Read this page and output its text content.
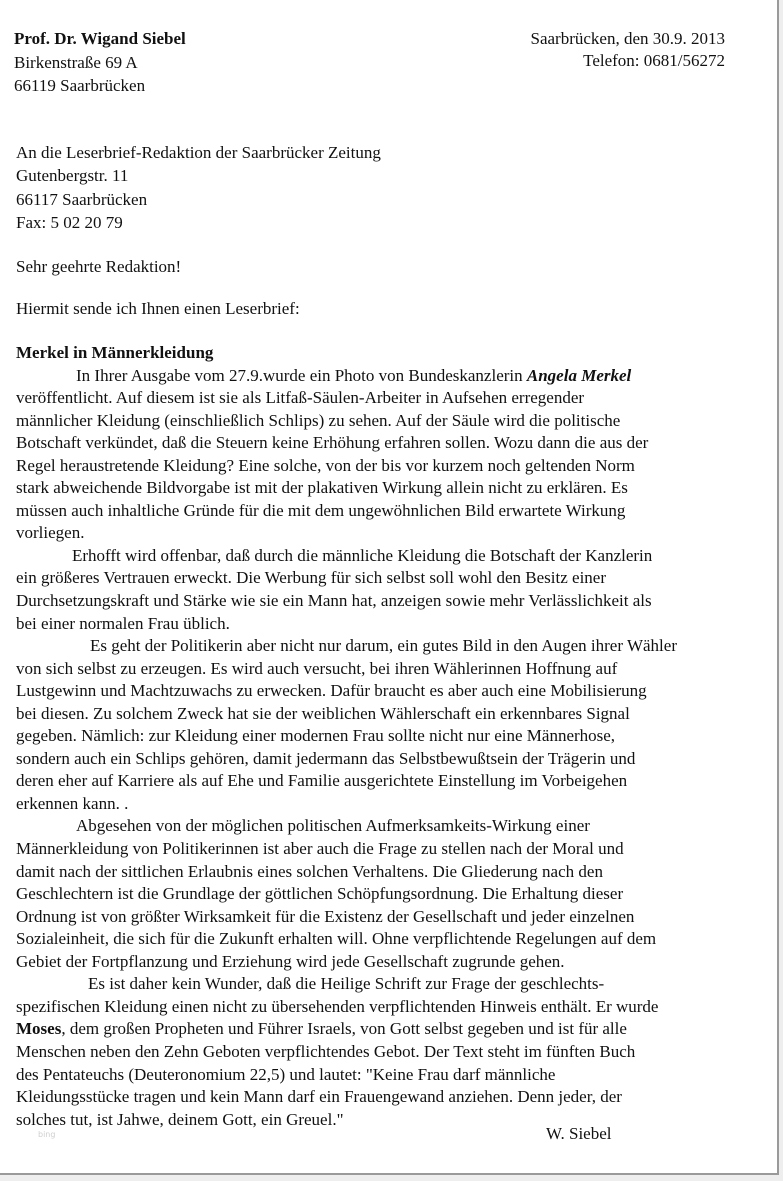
Prof. Dr. Wigand Siebel
Birkenstraße 69 A
66119 Saarbrücken
Saarbrücken, den 30.9. 2013
Telefon: 0681/56272
An die Leserbrief-Redaktion der Saarbrücker Zeitung
Gutenbergstr. 11
66117 Saarbrücken
Fax: 5 02 20 79
Sehr geehrte Redaktion!
Hiermit sende ich Ihnen einen Leserbrief:
Merkel in Männerkleidung
In Ihrer Ausgabe vom 27.9.wurde ein Photo von Bundeskanzlerin Angela Merkel
veröffentlicht. Auf diesem ist sie als Litfaß-Säulen-Arbeiter in Aufsehen erregender
männlicher Kleidung (einschließlich Schlips) zu sehen. Auf der Säule wird die politische
Botschaft verkündet, daß die Steuern keine Erhöhung erfahren sollen. Wozu dann die aus der
Regel heraustretende Kleidung? Eine solche, von der bis vor kurzem noch geltenden Norm
stark abweichende Bildvorgabe ist mit der plakativen Wirkung allein nicht zu erklären. Es
müssen auch inhaltliche Gründe für die mit dem ungewöhnlichen Bild erwartete Wirkung
vorliegen.
Erhofft wird offenbar, daß durch die männliche Kleidung die Botschaft der Kanzlerin
ein größeres Vertrauen erweckt. Die Werbung für sich selbst soll wohl den Besitz einer
Durchsetzungskraft und Stärke wie sie ein Mann hat, anzeigen sowie mehr Verlässlichkeit als
bei einer normalen Frau üblich.
Es geht der Politikerin aber nicht nur darum, ein gutes Bild in den Augen ihrer Wähler
von sich selbst zu erzeugen. Es wird auch versucht, bei ihren Wählerinnen Hoffnung auf
Lustgewinn und Machtzuwachs zu erwecken. Dafür braucht es aber auch eine Mobilisierung
bei diesen. Zu solchem Zweck hat sie der weiblichen Wählerschaft ein erkennbares Signal
gegeben. Nämlich: zur Kleidung einer modernen Frau sollte nicht nur eine Männerhose,
sondern auch ein Schlips gehören, damit jedermann das Selbstbewußtsein der Trägerin und
deren eher auf Karriere als auf Ehe und Familie ausgerichtete Einstellung im Vorbeigehen
erkennen kann. .
Abgesehen von der möglichen politischen Aufmerksamkeits-Wirkung einer
Männerkleidung von Politikerinnen ist aber auch die Frage zu stellen nach der Moral und
damit nach der sittlichen Erlaubnis eines solchen Verhaltens. Die Gliederung nach den
Geschlechtern ist die Grundlage der göttlichen Schöpfungsordnung. Die Erhaltung dieser
Ordnung ist von größter Wirksamkeit für die Existenz der Gesellschaft und jeder einzelnen
Sozialeinheit, die sich für die Zukunft erhalten will. Ohne verpflichtende Regelungen auf dem
Gebiet der Fortpflanzung und Erziehung wird jede Gesellschaft zugrunde gehen.
Es ist daher kein Wunder, daß die Heilige Schrift zur Frage der geschlechts-
spezifischen Kleidung einen nicht zu übersehenden verpflichtenden Hinweis enthält. Er wurde
Moses, dem großen Propheten und Führer Israels, von Gott selbst gegeben und ist für alle
Menschen neben den Zehn Geboten verpflichtendes Gebot. Der Text steht im fünften Buch
des Pentateuchs (Deuteronomium 22,5) und lautet: "Keine Frau darf männliche
Kleidungsstücke tragen und kein Mann darf ein Frauengewand anziehen. Denn jeder, der
solches tut, ist Jahwe, deinem Gott, ein Greuel."
bing	W. Siebel
